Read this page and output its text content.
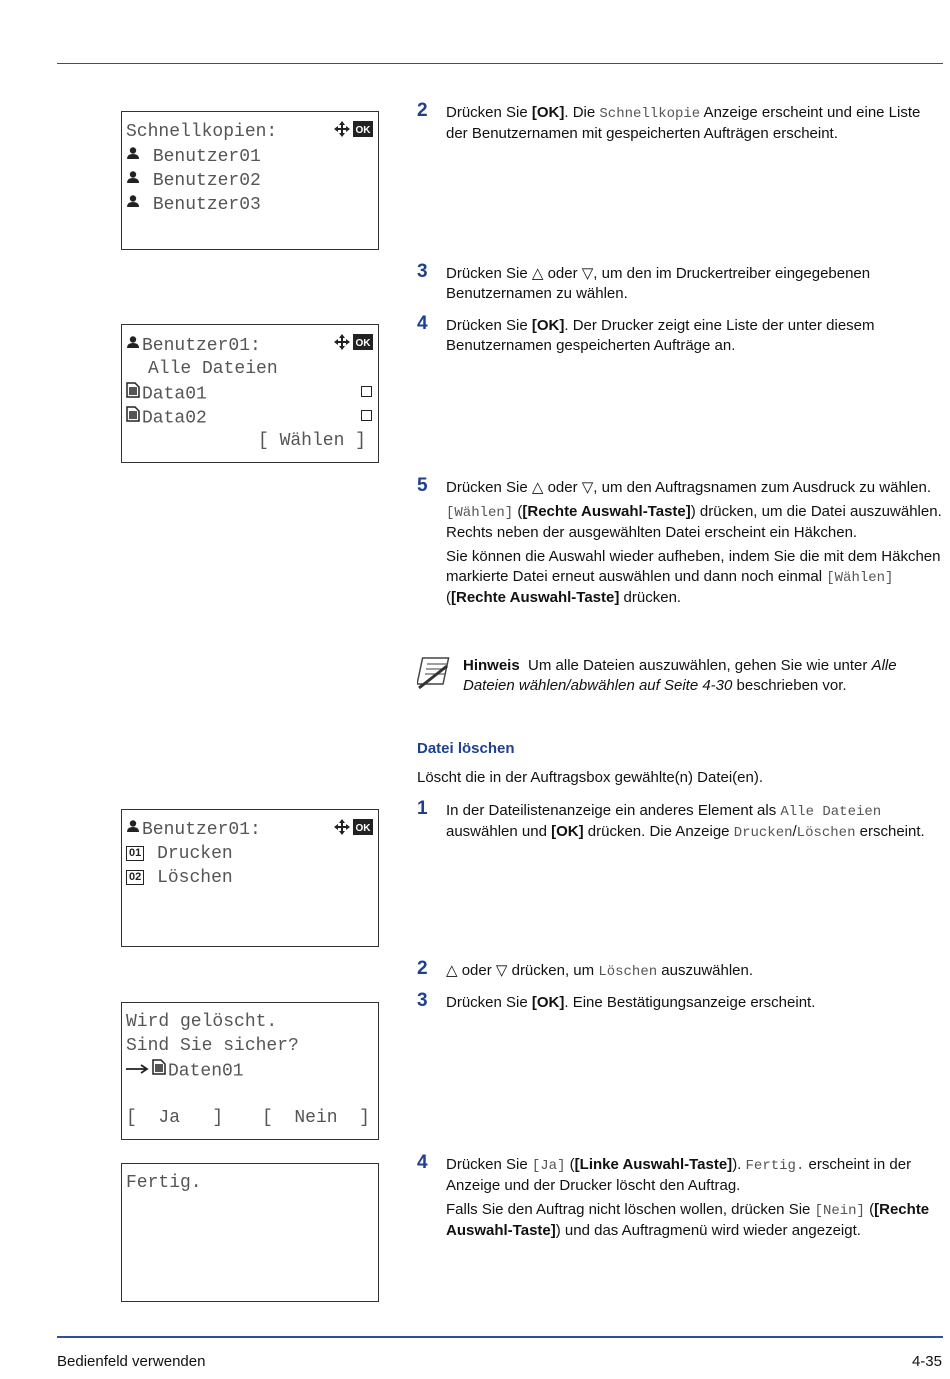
Schnellkopien:	OK
Benutzer01
Benutzer02
Benutzer03
Benutzer01:	OK
Alle Dateien
Data01
Data02
[ Wählen ]
Benutzer01:	OK
01 Drucken
02 Löschen
Wird gelöscht.
Sind Sie sicher?
Daten01
[  Ja   ] [  Nein  ]
Fertig.
2 Drücken Sie [OK]. Die Schnellkopie Anzeige erscheint und eine Liste der Benutzernamen mit gespeicherten Aufträgen erscheint.
3 Drücken Sie △ oder ▽, um den im Druckertreiber eingegebenen Benutzernamen zu wählen.
4 Drücken Sie [OK]. Der Drucker zeigt eine Liste der unter diesem Benutzernamen gespeicherten Aufträge an.
5 Drücken Sie △ oder ▽, um den Auftragsnamen zum Ausdruck zu wählen.

[Wählen] ([Rechte Auswahl-Taste]) drücken, um die Datei auszuwählen. Rechts neben der ausgewählten Datei erscheint ein Häkchen.

Sie können die Auswahl wieder aufheben, indem Sie die mit dem Häkchen markierte Datei erneut auswählen und dann noch einmal [Wählen] ([Rechte Auswahl-Taste] drücken.

Hinweis  Um alle Dateien auszuwählen, gehen Sie wie unter Alle Dateien wählen/abwählen auf Seite 4-30 beschrieben vor.
Datei löschen
Löscht die in der Auftragsbox gewählte(n) Datei(en).
1 In der Dateilistenanzeige ein anderes Element als Alle Dateien auswählen und [OK] drücken. Die Anzeige Drucken/Löschen erscheint.
2 △ oder ▽ drücken, um Löschen auszuwählen.
3 Drücken Sie [OK]. Eine Bestätigungsanzeige erscheint.
4 Drücken Sie [Ja] ([Linke Auswahl-Taste]). Fertig. erscheint in der Anzeige und der Drucker löscht den Auftrag.

Falls Sie den Auftrag nicht löschen wollen, drücken Sie [Nein] ([Rechte Auswahl-Taste]) und das Auftragmenü wird wieder angezeigt.

Bedienfeld verwenden	4-35
